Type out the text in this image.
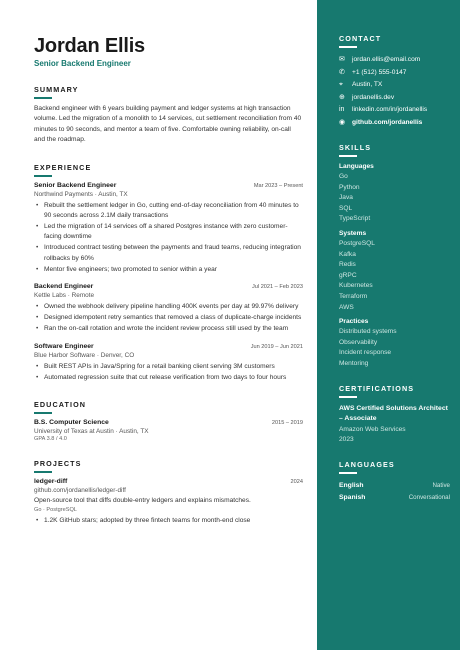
Jordan Ellis
Senior Backend Engineer
SUMMARY
Backend engineer with 6 years building payment and ledger systems at high transaction volume. Led the migration of a monolith to 14 services, cut settlement reconciliation from 40 minutes to 90 seconds, and mentor a team of five. Comfortable owning reliability, on-call and the roadmap.
EXPERIENCE
Senior Backend Engineer	Mar 2023 – Present
Northwind Payments · Austin, TX
• Rebuilt the settlement ledger in Go, cutting end-of-day reconciliation from 40 minutes to 90 seconds across 2.1M daily transactions
• Led the migration of 14 services off a shared Postgres instance with zero customer-facing downtime
• Introduced contract testing between the payments and fraud teams, reducing integration rollbacks by 60%
• Mentor five engineers; two promoted to senior within a year
Backend Engineer	Jul 2021 – Feb 2023
Kettle Labs · Remote
• Owned the webhook delivery pipeline handling 400K events per day at 99.97% delivery
• Designed idempotent retry semantics that removed a class of duplicate-charge incidents
• Ran the on-call rotation and wrote the incident review process still used by the team
Software Engineer	Jun 2019 – Jun 2021
Blue Harbor Software · Denver, CO
• Built REST APIs in Java/Spring for a retail banking client serving 3M customers
• Automated regression suite that cut release verification from two days to four hours
EDUCATION
B.S. Computer Science	2015 – 2019
University of Texas at Austin · Austin, TX
GPA 3.8 / 4.0
PROJECTS
ledger-diff	2024
github.com/jordanellis/ledger-diff
Open-source tool that diffs double-entry ledgers and explains mismatches.
Go · PostgreSQL
• 1.2K GitHub stars; adopted by three fintech teams for month-end close
CONTACT
✉	jordan.ellis@email.com
✆	+1 (512) 555-0147
⌖	Austin, TX
⊕	jordanellis.dev
in	linkedin.com/in/jordanellis
◉	github.com/jordanellis
SKILLS
Languages
Go
Python
Java
SQL
TypeScript
Systems
PostgreSQL
Kafka
Redis
gRPC
Kubernetes
Terraform
AWS
Practices
Distributed systems
Observability
Incident response
Mentoring
CERTIFICATIONS
AWS Certified Solutions Architect – Associate
Amazon Web Services
2023
LANGUAGES
English	Native
Spanish	Conversational
